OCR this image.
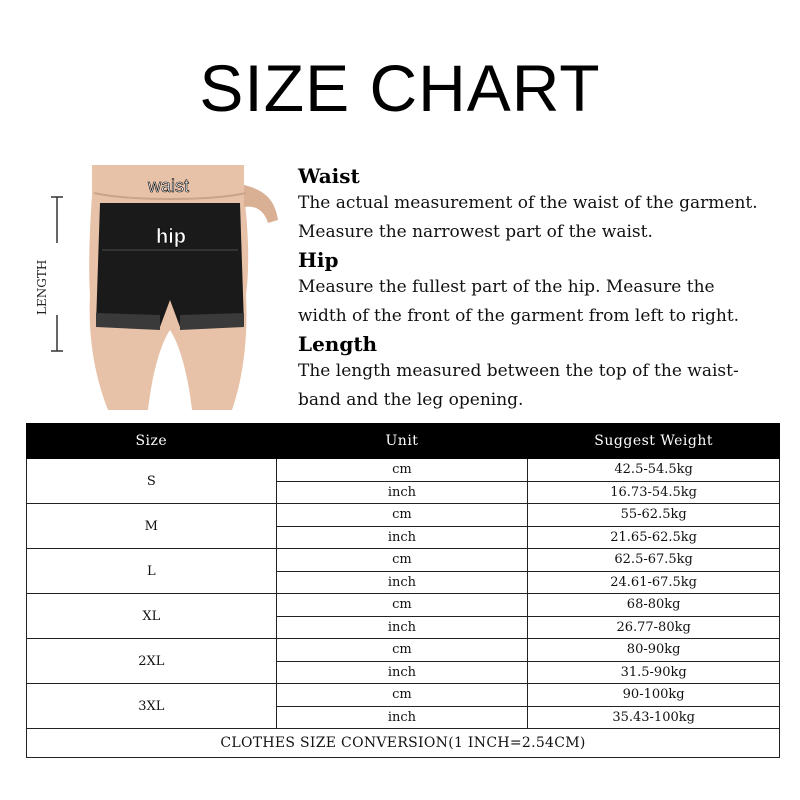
SIZE CHART
LENGTH
waist
hip

Waist

The actual measurement of the waist of the garment.

Measure the narrowest part of the waist.

Hip

Measure the fullest part of the hip. Measure the

width of the front of the garment from left to right.

Length

The length measured between the top of the waist-

band and the leg opening.

Size	Unit	Suggest Weight
S	cm	42.5-54.5kg
	inch	16.73-54.5kg
M	cm	55-62.5kg
	inch	21.65-62.5kg
L	cm	62.5-67.5kg
	inch	24.61-67.5kg
XL	cm	68-80kg
	inch	26.77-80kg
2XL	cm	80-90kg
	inch	31.5-90kg
3XL	cm	90-100kg
	inch	35.43-100kg
CLOTHES SIZE CONVERSION(1 INCH=2.54CM)		
